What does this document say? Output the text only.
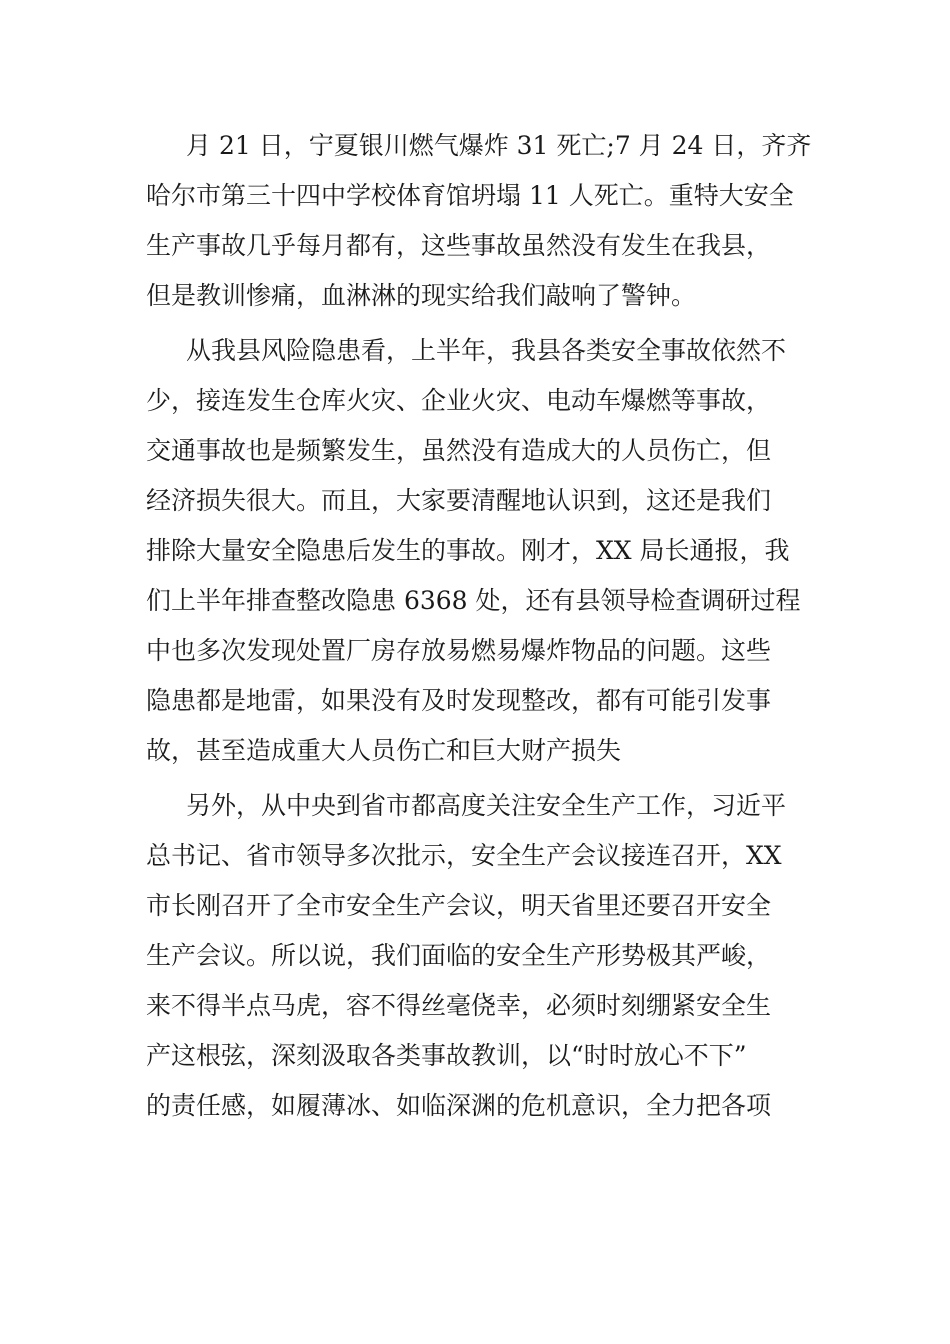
月 21 日，宁夏银川燃气爆炸 31 死亡;7 月 24 日，齐齐
哈尔市第三十四中学校体育馆坍塌 11 人死亡。重特大安全
生产事故几乎每月都有，这些事故虽然没有发生在我县，
但是教训惨痛，血淋淋的现实给我们敲响了警钟。
从我县风险隐患看，上半年，我县各类安全事故依然不
少，接连发生仓库火灾、企业火灾、电动车爆燃等事故，
交通事故也是频繁发生，虽然没有造成大的人员伤亡，但
经济损失很大。而且，大家要清醒地认识到，这还是我们
排除大量安全隐患后发生的事故。刚才，XX 局长通报，我
们上半年排查整改隐患 6368 处，还有县领导检查调研过程
中也多次发现处置厂房存放易燃易爆炸物品的问题。这些
隐患都是地雷，如果没有及时发现整改，都有可能引发事
故，甚至造成重大人员伤亡和巨大财产损失
另外，从中央到省市都高度关注安全生产工作，习近平
总书记、省市领导多次批示，安全生产会议接连召开，XX
市长刚召开了全市安全生产会议，明天省里还要召开安全
生产会议。所以说，我们面临的安全生产形势极其严峻，
来不得半点马虎，容不得丝毫侥幸，必须时刻绷紧安全生
产这根弦，深刻汲取各类事故教训，以“时时放心不下”
的责任感，如履薄冰、如临深渊的危机意识，全力把各项
